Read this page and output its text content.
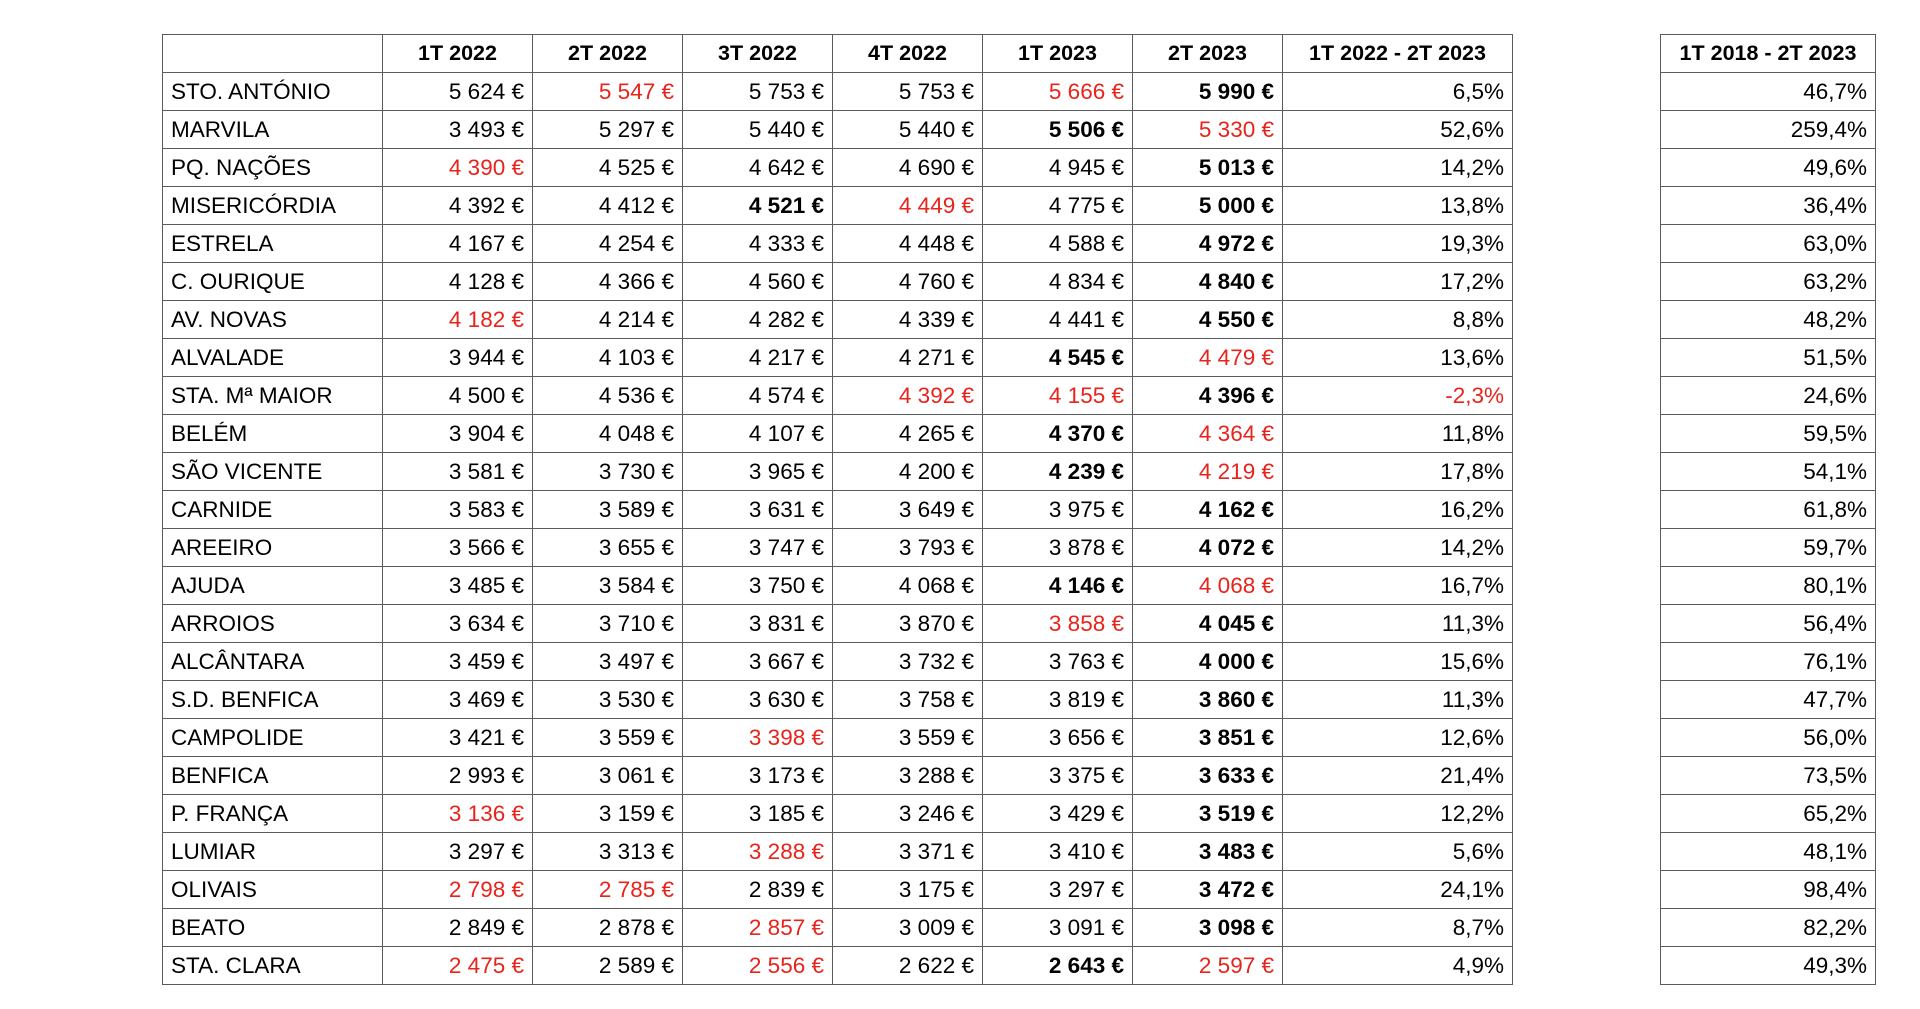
	1T 2022	2T 2022	3T 2022	4T 2022	1T 2023	2T 2023	1T 2022 - 2T 2023
STO. ANTÓNIO	5 624 €	5 547 €	5 753 €	5 753 €	5 666 €	5 990 €	6,5%
MARVILA	3 493 €	5 297 €	5 440 €	5 440 €	5 506 €	5 330 €	52,6%
PQ. NAÇÕES	4 390 €	4 525 €	4 642 €	4 690 €	4 945 €	5 013 €	14,2%
MISERICÓRDIA	4 392 €	4 412 €	4 521 €	4 449 €	4 775 €	5 000 €	13,8%
ESTRELA	4 167 €	4 254 €	4 333 €	4 448 €	4 588 €	4 972 €	19,3%
C. OURIQUE	4 128 €	4 366 €	4 560 €	4 760 €	4 834 €	4 840 €	17,2%
AV. NOVAS	4 182 €	4 214 €	4 282 €	4 339 €	4 441 €	4 550 €	8,8%
ALVALADE	3 944 €	4 103 €	4 217 €	4 271 €	4 545 €	4 479 €	13,6%
STA. Mª MAIOR	4 500 €	4 536 €	4 574 €	4 392 €	4 155 €	4 396 €	-2,3%
BELÉM	3 904 €	4 048 €	4 107 €	4 265 €	4 370 €	4 364 €	11,8%
SÃO VICENTE	3 581 €	3 730 €	3 965 €	4 200 €	4 239 €	4 219 €	17,8%
CARNIDE	3 583 €	3 589 €	3 631 €	3 649 €	3 975 €	4 162 €	16,2%
AREEIRO	3 566 €	3 655 €	3 747 €	3 793 €	3 878 €	4 072 €	14,2%
AJUDA	3 485 €	3 584 €	3 750 €	4 068 €	4 146 €	4 068 €	16,7%
ARROIOS	3 634 €	3 710 €	3 831 €	3 870 €	3 858 €	4 045 €	11,3%
ALCÂNTARA	3 459 €	3 497 €	3 667 €	3 732 €	3 763 €	4 000 €	15,6%
S.D. BENFICA	3 469 €	3 530 €	3 630 €	3 758 €	3 819 €	3 860 €	11,3%
CAMPOLIDE	3 421 €	3 559 €	3 398 €	3 559 €	3 656 €	3 851 €	12,6%
BENFICA	2 993 €	3 061 €	3 173 €	3 288 €	3 375 €	3 633 €	21,4%
P. FRANÇA	3 136 €	3 159 €	3 185 €	3 246 €	3 429 €	3 519 €	12,2%
LUMIAR	3 297 €	3 313 €	3 288 €	3 371 €	3 410 €	3 483 €	5,6%
OLIVAIS	2 798 €	2 785 €	2 839 €	3 175 €	3 297 €	3 472 €	24,1%
BEATO	2 849 €	2 878 €	2 857 €	3 009 €	3 091 €	3 098 €	8,7%
STA. CLARA	2 475 €	2 589 €	2 556 €	2 622 €	2 643 €	2 597 €	4,9%
1T 2018 - 2T 2023
46,7%
259,4%
49,6%
36,4%
63,0%
63,2%
48,2%
51,5%
24,6%
59,5%
54,1%
61,8%
59,7%
80,1%
56,4%
76,1%
47,7%
56,0%
73,5%
65,2%
48,1%
98,4%
82,2%
49,3%
